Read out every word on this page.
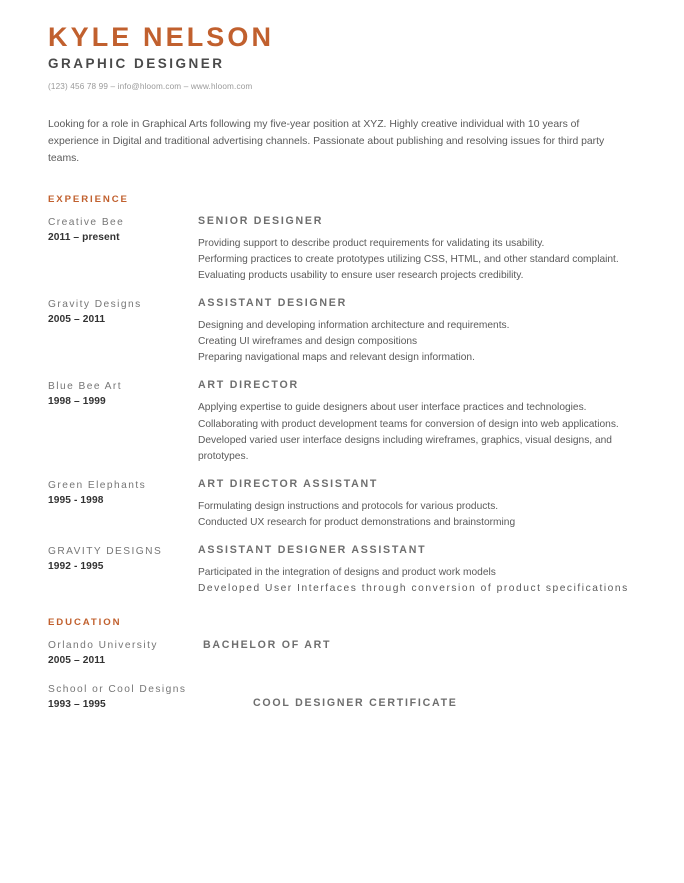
KYLE NELSON
GRAPHIC DESIGNER
(123) 456 78 99 – info@hloom.com – www.hloom.com

Looking for a role in Graphical Arts following my five-year position at XYZ. Highly creative individual with 10 years of experience in Digital and traditional advertising channels. Passionate about publishing and resolving issues for third party teams.

EXPERIENCE
Creative Bee
2011 – present
SENIOR DESIGNER
Providing support to describe product requirements for validating its usability.
Performing practices to create prototypes utilizing CSS, HTML, and other standard complaint.
Evaluating products usability to ensure user research projects credibility.
Gravity Designs
2005 – 2011
ASSISTANT DESIGNER
Designing and developing information architecture and requirements.
Creating UI wireframes and design compositions
Preparing navigational maps and relevant design information.
Blue Bee Art
1998 – 1999
ART DIRECTOR
Applying expertise to guide designers about user interface practices and technologies.
Collaborating with product development teams for conversion of design into web applications.
Developed varied user interface designs including wireframes, graphics, visual designs, and prototypes.
Green Elephants
1995 - 1998
ART DIRECTOR ASSISTANT
Formulating design instructions and protocols for various products.
Conducted UX research for product demonstrations and brainstorming
GRAVITY DESIGNS
1992 - 1995
ASSISTANT DESIGNER ASSISTANT
Participated in the integration of designs and product work models
Developed User Interfaces through conversion of product specifications
EDUCATION
Orlando University
2005 – 2011
BACHELOR OF ART
School or Cool Designs
1993 – 1995	COOL DESIGNER CERTIFICATE
